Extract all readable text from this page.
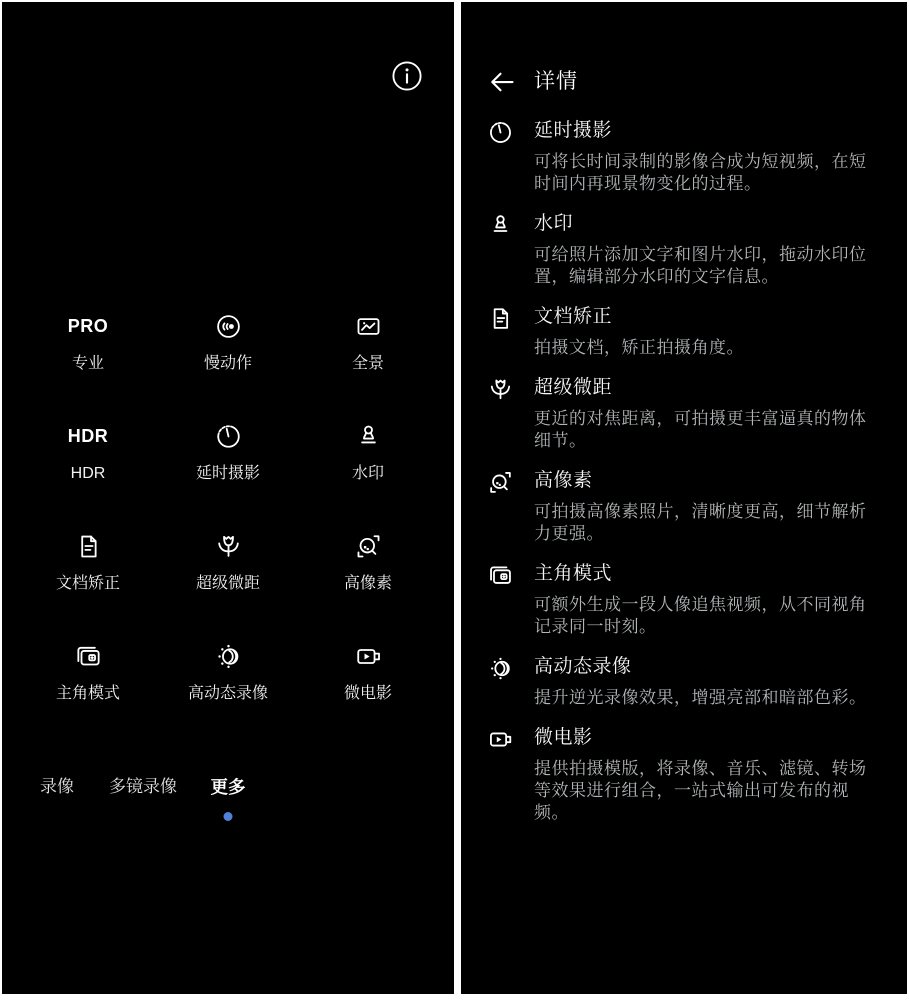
PRO
专业	慢动作	全景
HDR
HDR	延时摄影	水印
文档矫正	超级微距	高像素
主角模式	高动态录像	微电影
录像 多镜录像 更多
详情
延时摄影
可将长时间录制的影像合成为短视频，在短时间内再现景物变化的过程。
水印
可给照片添加文字和图片水印，拖动水印位置，编辑部分水印的文字信息。
文档矫正
拍摄文档，矫正拍摄角度。
超级微距
更近的对焦距离，可拍摄更丰富逼真的物体细节。
高像素
可拍摄高像素照片，清晰度更高，细节解析力更强。
主角模式
可额外生成一段人像追焦视频，从不同视角记录同一时刻。
高动态录像
提升逆光录像效果，增强亮部和暗部色彩。
微电影
提供拍摄模版，将录像、音乐、滤镜、转场等效果进行组合，一站式输出可发布的视频。
